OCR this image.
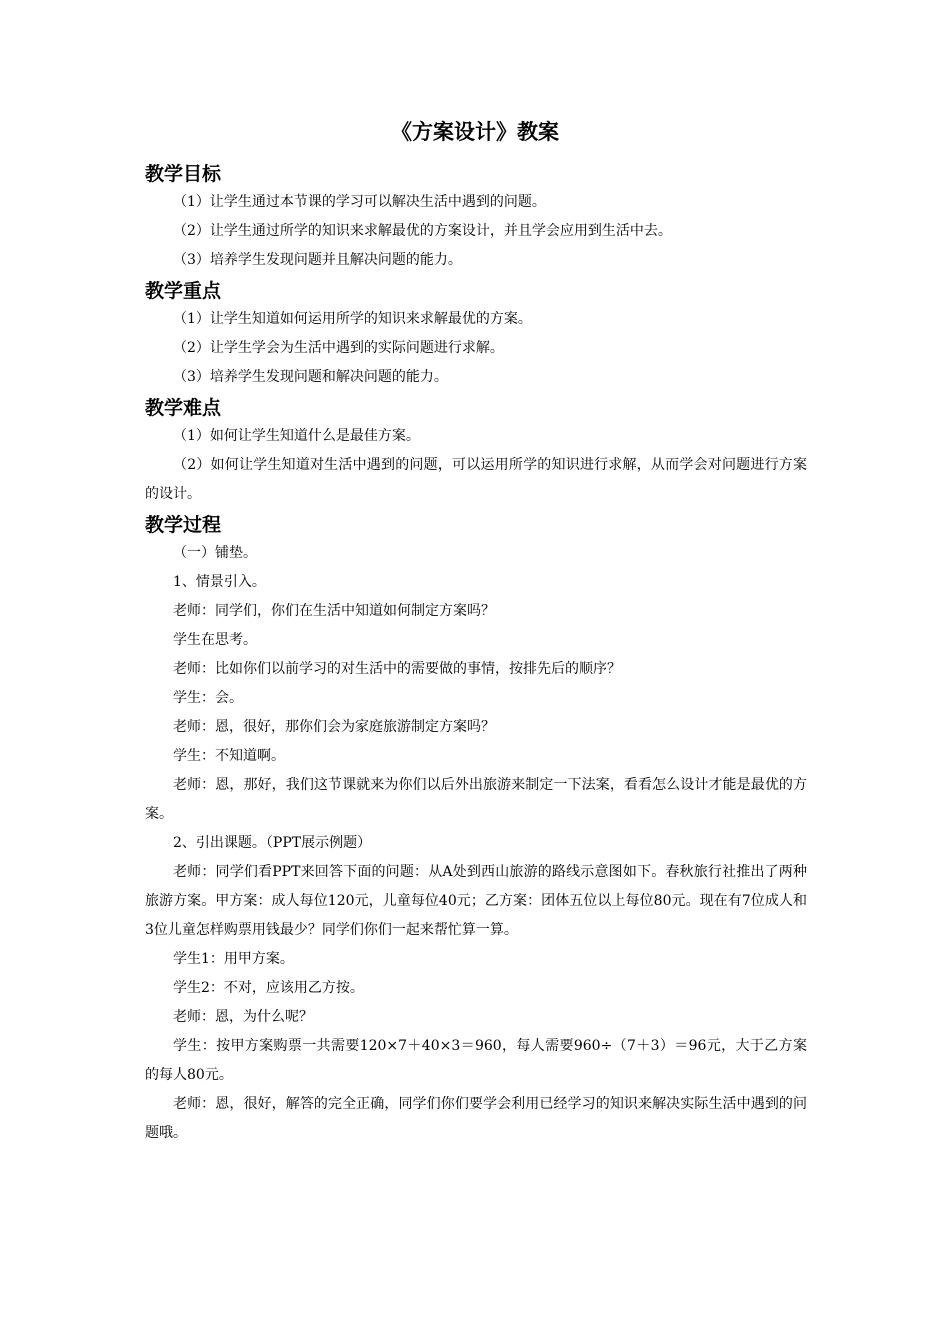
《方案设计》教案
教学目标

（1）让学生通过本节课的学习可以解决生活中遇到的问题。

（2）让学生通过所学的知识来求解最优的方案设计，并且学会应用到生活中去。

（3）培养学生发现问题并且解决问题的能力。

教学重点

（1）让学生知道如何运用所学的知识来求解最优的方案。

（2）让学生学会为生活中遇到的实际问题进行求解。

（3）培养学生发现问题和解决问题的能力。

教学难点

（1）如何让学生知道什么是最佳方案。

（2）如何让学生知道对生活中遇到的问题，可以运用所学的知识进行求解，从而学会对问题进行方案的设计。

教学过程

（一）铺垫。

1、情景引入。

老师：同学们，你们在生活中知道如何制定方案吗？

学生在思考。

老师：比如你们以前学习的对生活中的需要做的事情，按排先后的顺序？

学生：会。

老师：恩，很好，那你们会为家庭旅游制定方案吗？

学生：不知道啊。

老师：恩，那好，我们这节课就来为你们以后外出旅游来制定一下法案，看看怎么设计才能是最优的方案。

2、引出课题。（PPT展示例题）

老师：同学们看PPT来回答下面的问题：从A处到西山旅游的路线示意图如下。春秋旅行社推出了两种旅游方案。甲方案：成人每位120元，儿童每位40元；乙方案：团体五位以上每位80元。现在有7位成人和3位儿童怎样购票用钱最少？同学们你们一起来帮忙算一算。

学生1：用甲方案。

学生2：不对，应该用乙方按。

老师：恩，为什么呢？

学生：按甲方案购票一共需要120×7＋40×3＝960，每人需要960÷（7＋3）＝96元，大于乙方案的每人80元。

老师：恩，很好，解答的完全正确，同学们你们要学会利用已经学习的知识来解决实际生活中遇到的问题哦。
